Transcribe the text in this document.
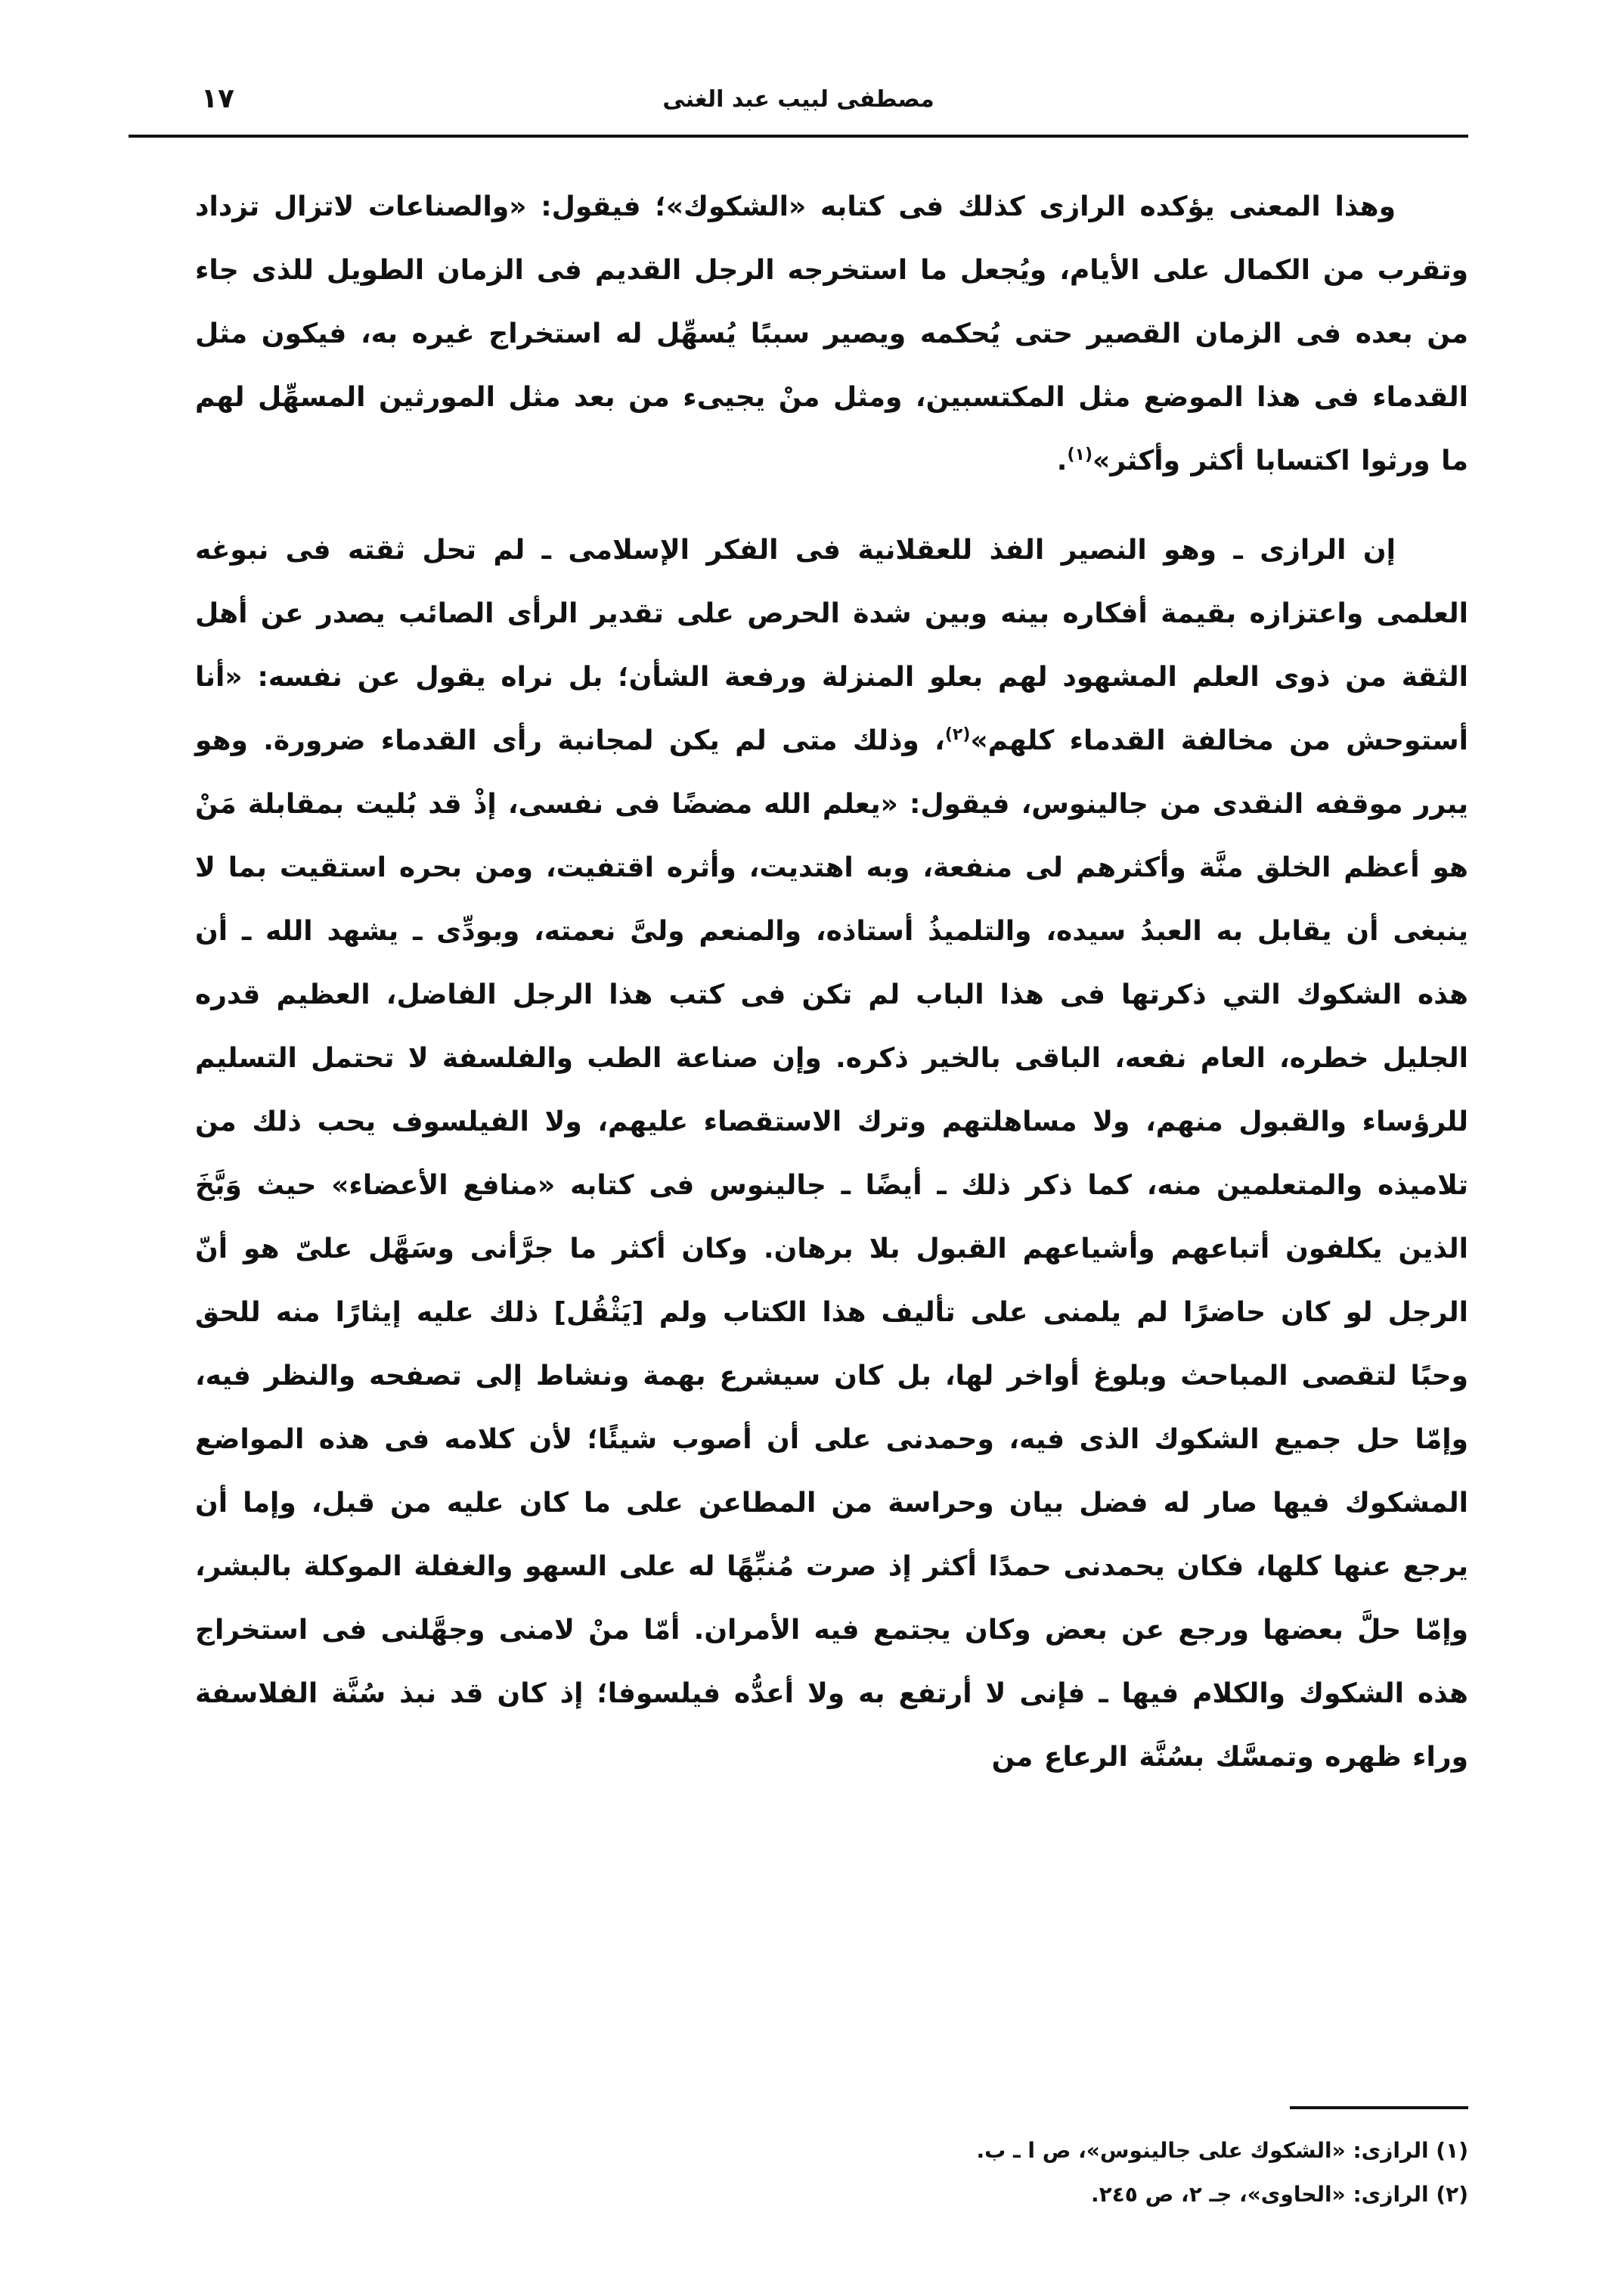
مصطفى لبيب عبد الغنى
١٧

وهذا المعنى يؤكده الرازى كذلك فى كتابه «الشكوك»؛ فيقول: «والصناعات لاتزال تزداد وتقرب من الكمال على الأيام، ويُجعل ما استخرجه الرجل القديم فى الزمان الطويل للذى جاء من بعده فى الزمان القصير حتى يُحكمه ويصير سببًا يُسهِّل له استخراج غيره به، فيكون مثل القدماء فى هذا الموضع مثل المكتسبين، ومثل منْ يجيىء من بعد مثل المورثين المسهِّل لهم ما ورثوا اكتسابا أكثر وأكثر»$^{(١)}$.

إن الرازى ـ وهو النصير الفذ للعقلانية فى الفكر الإسلامى ـ لم تحل ثقته فى نبوغه العلمى واعتزازه بقيمة أفكاره بينه وبين شدة الحرص على تقدير الرأى الصائب يصدر عن أهل الثقة من ذوى العلم المشهود لهم بعلو المنزلة ورفعة الشأن؛ بل نراه يقول عن نفسه: «أنا أستوحش من مخالفة القدماء كلهم»$^{(٢)}$، وذلك متى لم يكن لمجانبة رأى القدماء ضرورة. وهو يبرر موقفه النقدى من جالينوس، فيقول: «يعلم الله مضضًا فى نفسى، إذْ قد بُليت بمقابلة مَنْ هو أعظم الخلق منَّة وأكثرهم لى منفعة، وبه اهتديت، وأثره اقتفيت، ومن بحره استقيت بما لا ينبغى أن يقابل به العبدُ سيده، والتلميذُ أستاذه، والمنعم ولىَّ نعمته، وبودِّى ـ يشهد الله ـ أن هذه الشكوك التي ذكرتها فى هذا الباب لم تكن فى كتب هذا الرجل الفاضل، العظيم قدره الجليل خطره، العام نفعه، الباقى بالخير ذكره. وإن صناعة الطب والفلسفة لا تحتمل التسليم للرؤساء والقبول منهم، ولا مساهلتهم وترك الاستقصاء عليهم، ولا الفيلسوف يحب ذلك من تلاميذه والمتعلمين منه، كما ذكر ذلك ـ أيضًا ـ جالينوس فى كتابه «منافع الأعضاء» حيث وَبَّخَ الذين يكلفون أتباعهم وأشياعهم القبول بلا برهان. وكان أكثر ما جرَّأنى وسَهَّل علىّ هو أنّ الرجل لو كان حاضرًا لم يلمنى على تأليف هذا الكتاب ولم [يَثْقُل] ذلك عليه إيثارًا منه للحق وحبًا لتقصى المباحث وبلوغ أواخر لها، بل كان سيشرع بهمة ونشاط إلى تصفحه والنظر فيه، وإمّا حل جميع الشكوك الذى فيه، وحمدنى على أن أصوب شيئًا؛ لأن كلامه فى هذه المواضع المشكوك فيها صار له فضل بيان وحراسة من المطاعن على ما كان عليه من قبل، وإما أن يرجع عنها كلها، فكان يحمدنى حمدًا أكثر إذ صرت مُنبِّهًا له على السهو والغفلة الموكلة بالبشر، وإمّا حلَّ بعضها ورجع عن بعض وكان يجتمع فيه الأمران. أمّا منْ لامنى وجهَّلنى فى استخراج هذه الشكوك والكلام فيها ـ فإنى لا أرتفع به ولا أعدُّه فيلسوفا؛ إذ كان قد نبذ سُنَّة الفلاسفة وراء ظهره وتمسَّك بسُنَّة الرعاع من

(١) الرازى: «الشكوك على جالينوس»، ص ا ـ ب.
(٢) الرازى: «الحاوى»، جـ ٢، ص ٢٤٥.
